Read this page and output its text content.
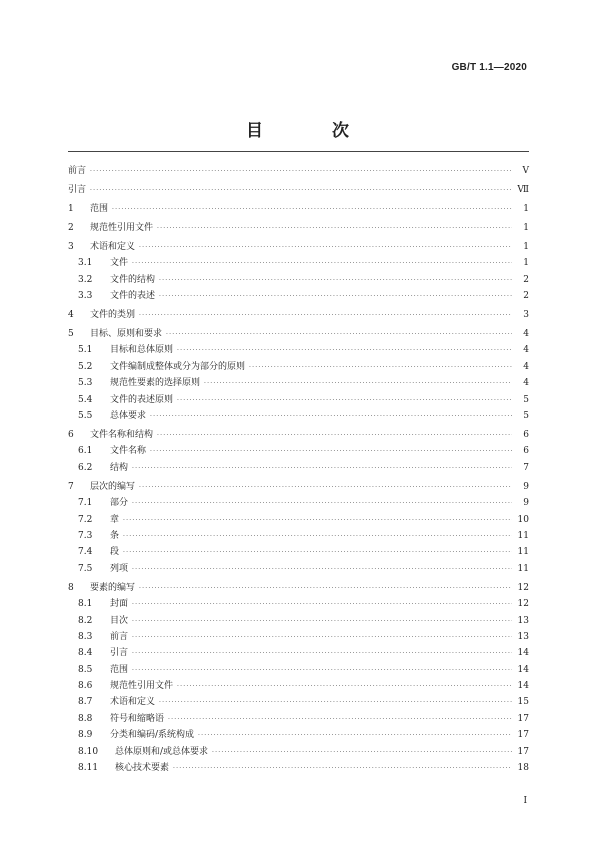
GB/T 1.1—2020
目　次
前言 ·····	Ⅴ
引言 ·····	Ⅶ
1	范围 ·····	1
2	规范性引用文件 ·····	1
3	术语和定义 ·····	1
3.1	文件 ·····	1
3.2	文件的结构 ·····	2
3.3	文件的表述 ·····	2
4	文件的类别 ·····	3
5	目标、原则和要求 ·····	4
5.1	目标和总体原则 ·····	4
5.2	文件编制成整体或分为部分的原则 ·····	4
5.3	规范性要素的选择原则 ·····	4
5.4	文件的表述原则 ·····	5
5.5	总体要求 ·····	5
6	文件名称和结构 ·····	6
6.1	文件名称 ·····	6
6.2	结构 ·····	7
7	层次的编写 ·····	9
7.1	部分 ·····	9
7.2	章 ·····	10
7.3	条 ·····	11
7.4	段 ·····	11
7.5	列项 ·····	11
8	要素的编写 ·····	12
8.1	封面 ·····	12
8.2	目次 ·····	13
8.3	前言 ·····	13
8.4	引言 ·····	14
8.5	范围 ·····	14
8.6	规范性引用文件 ·····	14
8.7	术语和定义 ·····	15
8.8	符号和缩略语 ·····	17
8.9	分类和编码/系统构成 ·····	17
8.10	总体原则和/或总体要求 ·····	17
8.11	核心技术要素 ·····	18
I
